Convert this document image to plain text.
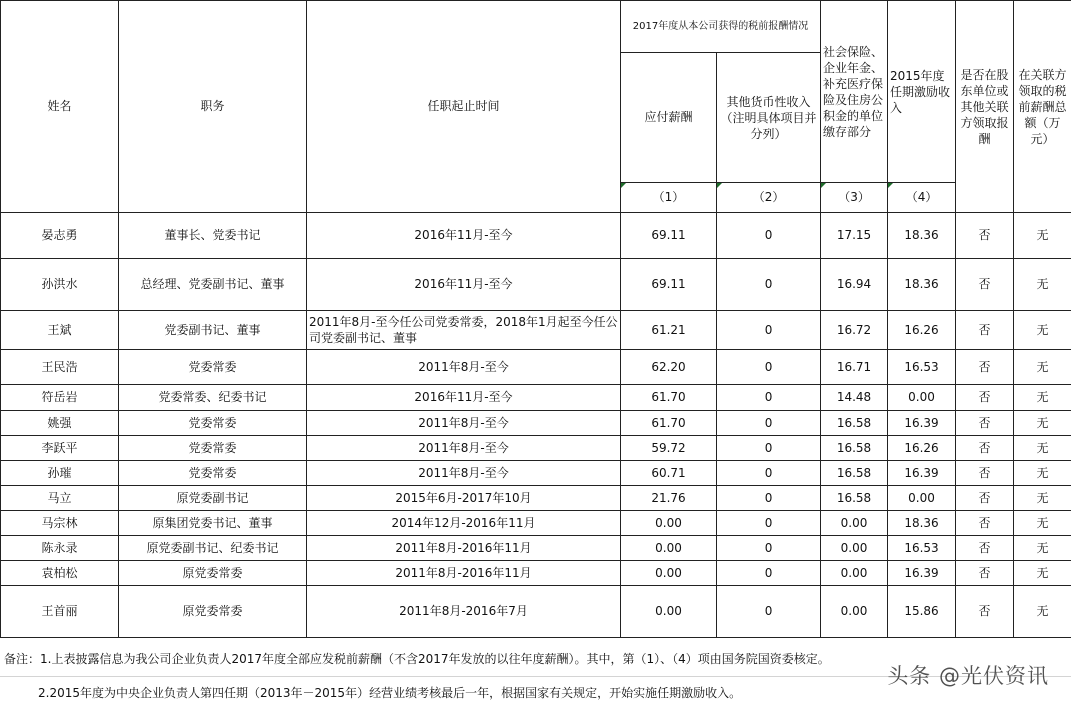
姓名	职务	任职起止时间	2017年度从本公司获得的税前报酬情况		社会保险、企业年金、补充医疗保险及住房公积金的单位缴存部分	2015年度任期激励收入	是否在股东单位或其他关联方领取报酬	在关联方领取的税前薪酬总额（万元）
			应付薪酬	其他货币性收入（注明具体项目并分列）				
			（1）	（2）	（3）	（4）		
晏志勇	董事长、党委书记	2016年11月-至今	69.11	0	17.15	18.36	否	无
孙洪水	总经理、党委副书记、董事	2016年11月-至今	69.11	0	16.94	18.36	否	无
王斌	党委副书记、董事	2011年8月-至今任公司党委常委，2018年1月起至今任公司党委副书记、董事	61.21	0	16.72	16.26	否	无
王民浩	党委常委	2011年8月-至今	62.20	0	16.71	16.53	否	无
符岳岩	党委常委、纪委书记	2016年11月-至今	61.70	0	14.48	0.00	否	无
姚强	党委常委	2011年8月-至今	61.70	0	16.58	16.39	否	无
李跃平	党委常委	2011年8月-至今	59.72	0	16.58	16.26	否	无
孙璀	党委常委	2011年8月-至今	60.71	0	16.58	16.39	否	无
马立	原党委副书记	2015年6月-2017年10月	21.76	0	16.58	0.00	否	无
马宗林	原集团党委书记、董事	2014年12月-2016年11月	0.00	0	0.00	18.36	否	无
陈永录	原党委副书记、纪委书记	2011年8月-2016年11月	0.00	0	0.00	16.53	否	无
袁柏松	原党委常委	2011年8月-2016年11月	0.00	0	0.00	16.39	否	无
王首丽	原党委常委	2011年8月-2016年7月	0.00	0	0.00	15.86	否	无
备注：1.上表披露信息为我公司企业负责人2017年度全部应发税前薪酬（不含2017年发放的以往年度薪酬）。其中，第（1）、（4）项由国务院国资委核定。
2.2015年度为中央企业负责人第四任期（2013年－2015年）经营业绩考核最后一年，根据国家有关规定，开始实施任期激励收入。
头条 @光伏资讯
